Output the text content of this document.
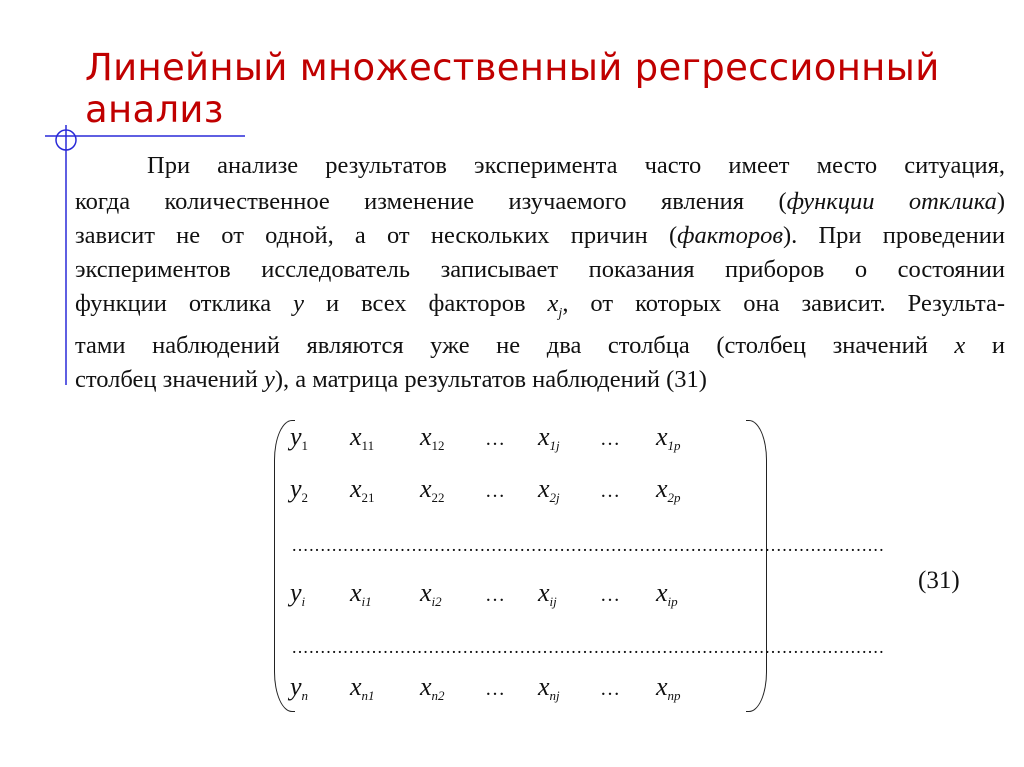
Линейный множественный регрессионный
анализ
При анализе результатов эксперимента часто имеет место ситуация,
когда количественное изменение изучаемого явления (функции отклика)
зависит не от одной, а от нескольких причин (факторов). При проведении
экспериментов исследователь записывает показания приборов о состоянии
функции отклика y и всех факторов $x_j$, от которых она зависит. Результа-
тами наблюдений являются уже не два столбца (столбец значений x и
столбец значений y), а матрица результатов наблюдений (31)
........................................................................................................
........................................................................................................
$y_1$ $x_{11}$ $x_{12}$ … $x_{1j}$ … $x_{1p}$
$y_2$ $x_{21}$ $x_{22}$ … $x_{2j}$ … $x_{2p}$
$y_i$ $x_{i1}$ $x_{i2}$ … $x_{ij}$ … $x_{ip}$
$y_n$ $x_{n1}$ $x_{n2}$ … $x_{nj}$ … $x_{np}$
(31)
